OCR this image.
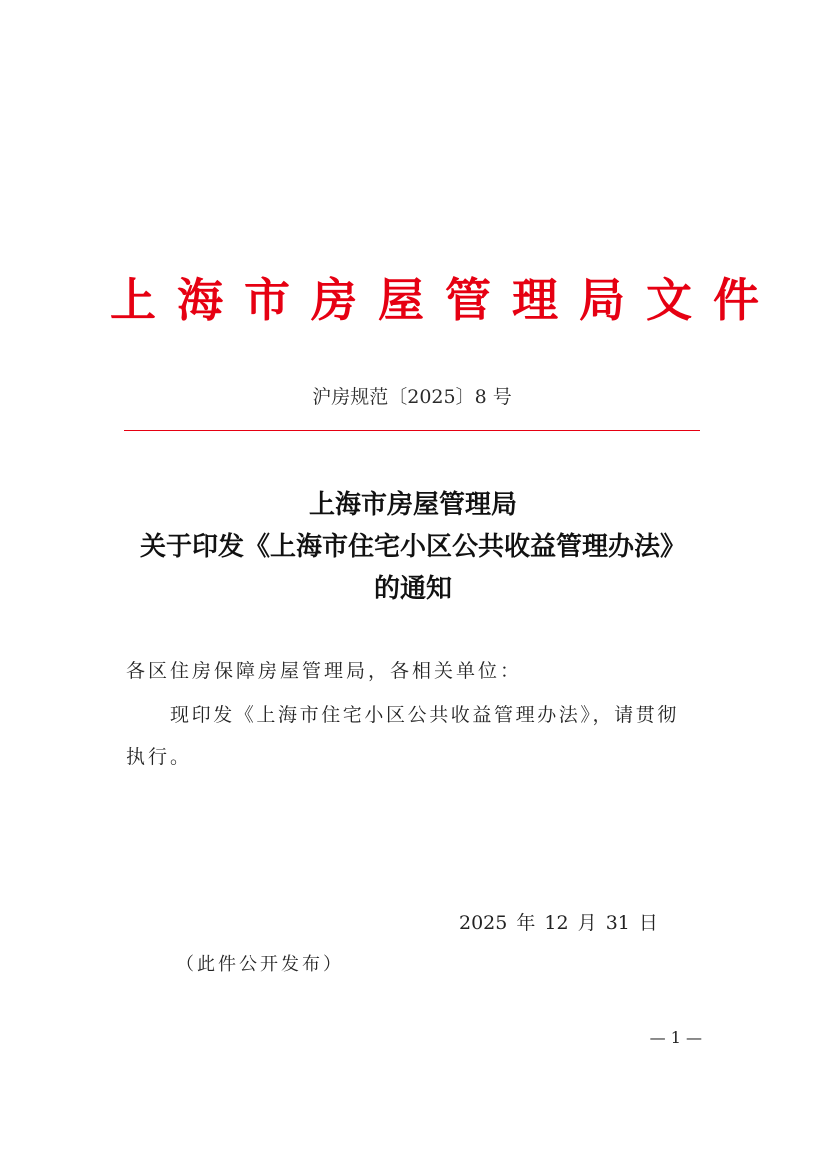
上海市房屋管理局文件
沪房规范〔2025〕8 号
上海市房屋管理局
关于印发《上海市住宅小区公共收益管理办法》
的通知
各区住房保障房屋管理局，各相关单位：
现印发《上海市住宅小区公共收益管理办法》，请贯彻
执行。
2025 年 12 月 31 日
（此件公开发布）
— 1 —
